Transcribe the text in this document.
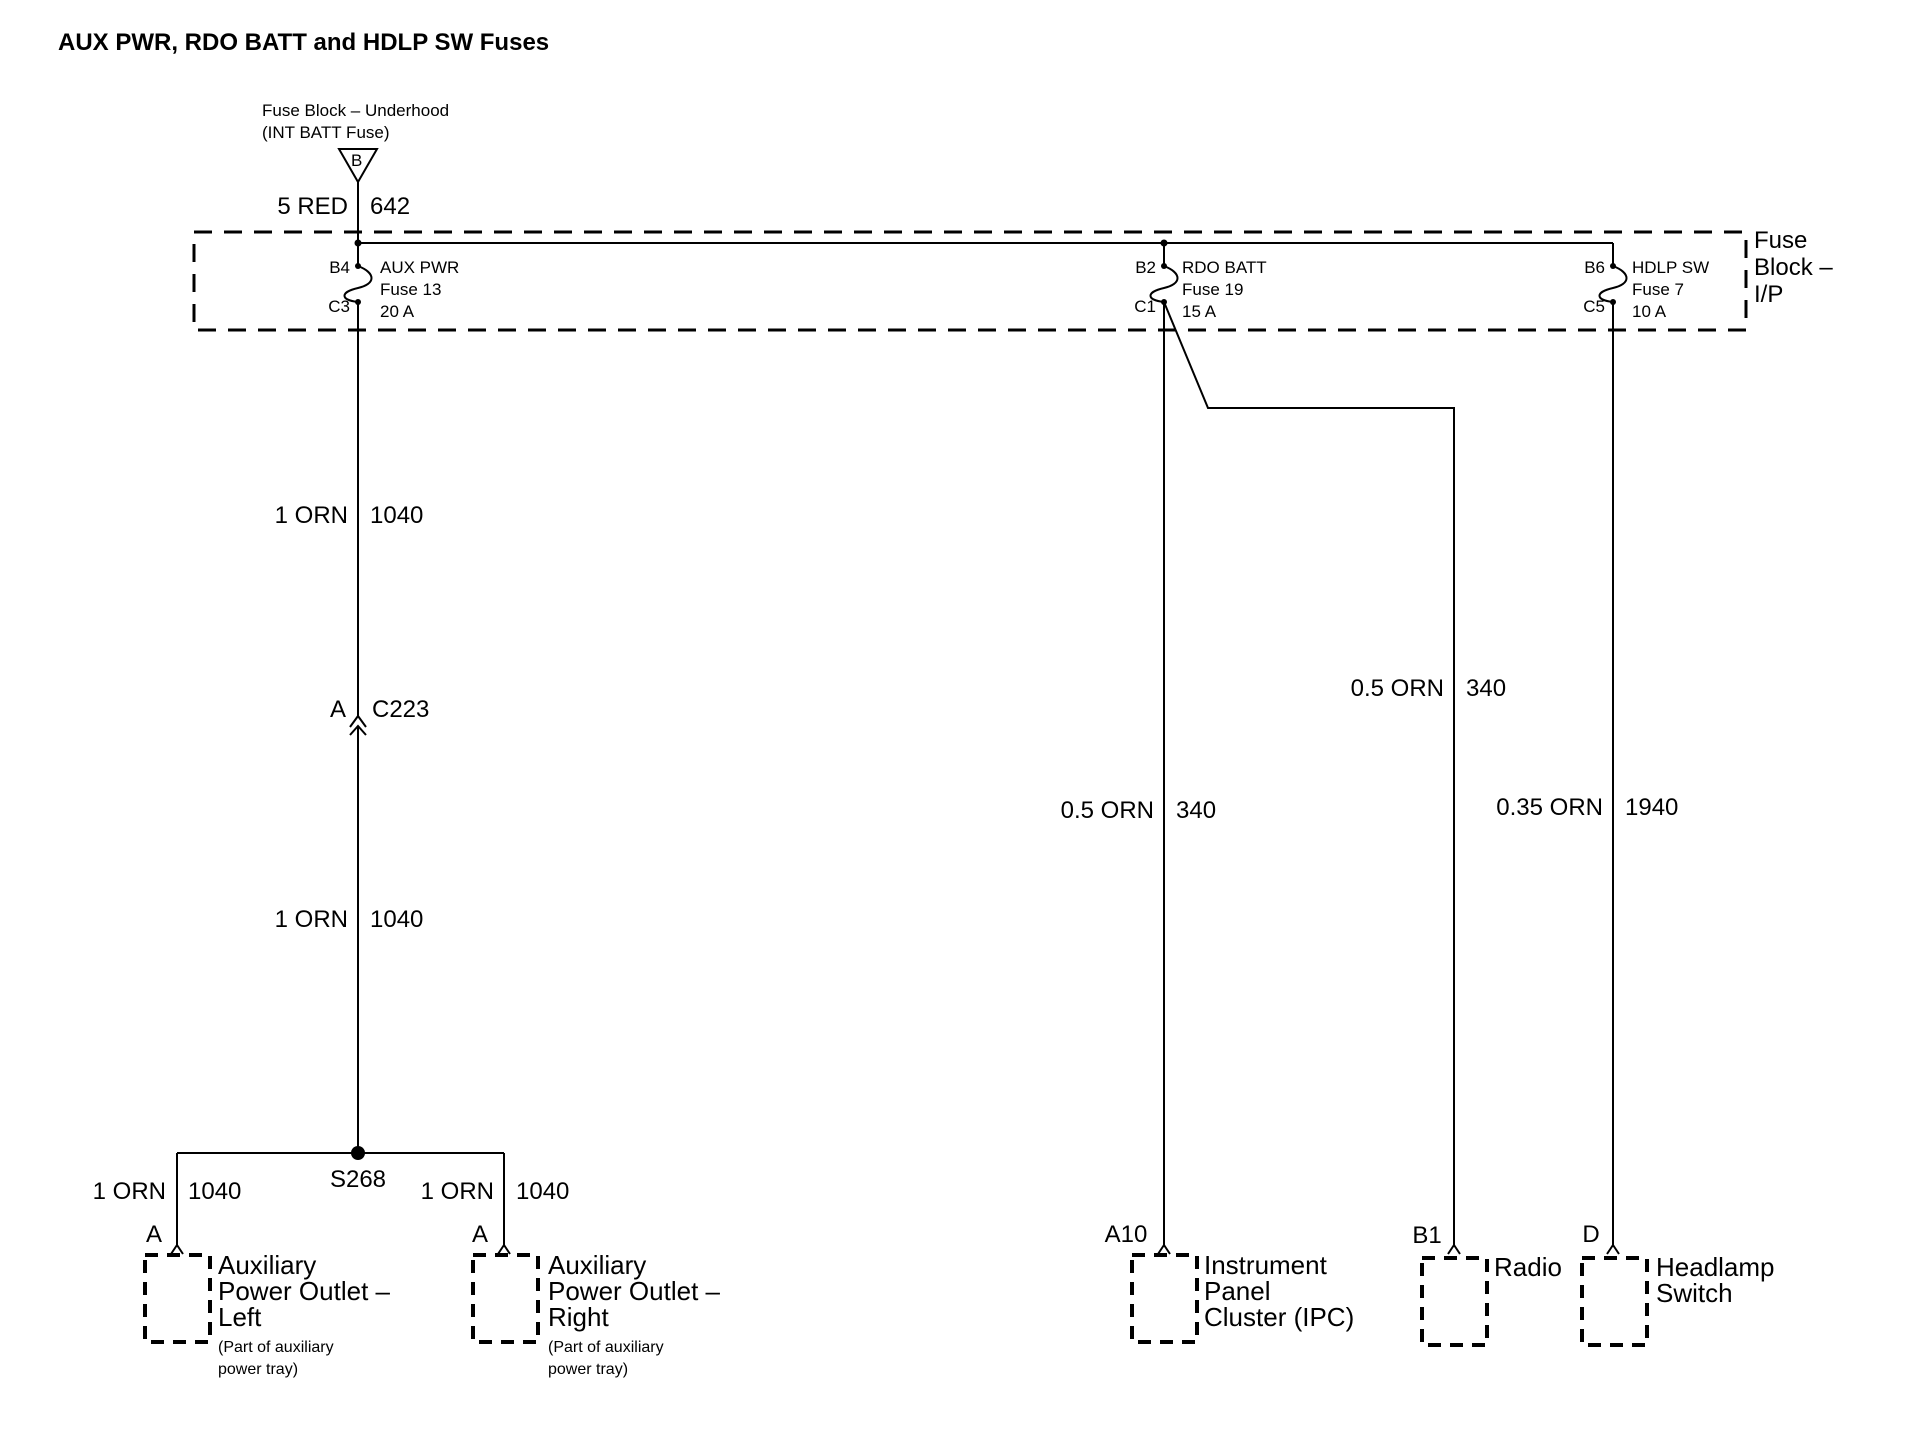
AUX PWR, RDO BATT and HDLP SW Fuses
Fuse Block – Underhood
(INT BATT Fuse)
B
5 RED 642
Fuse
Block –
I/P
B4
C3
AUX PWR
Fuse 13
20 A
B2
C1
RDO BATT
Fuse 19
15 A
B6
C5
HDLP SW
Fuse 7
10 A
1 ORN 1040
A C223
1 ORN 1040
S268
1 ORN 1040
A
1 ORN 1040
A
Auxiliary
Power Outlet –
Left
(Part of auxiliary
power tray)
Auxiliary
Power Outlet –
Right
(Part of auxiliary
power tray)
0.5 ORN 340
A10
Instrument
Panel
Cluster (IPC)
0.5 ORN 340
B1
Radio
0.35 ORN 1940
D
Headlamp
Switch
